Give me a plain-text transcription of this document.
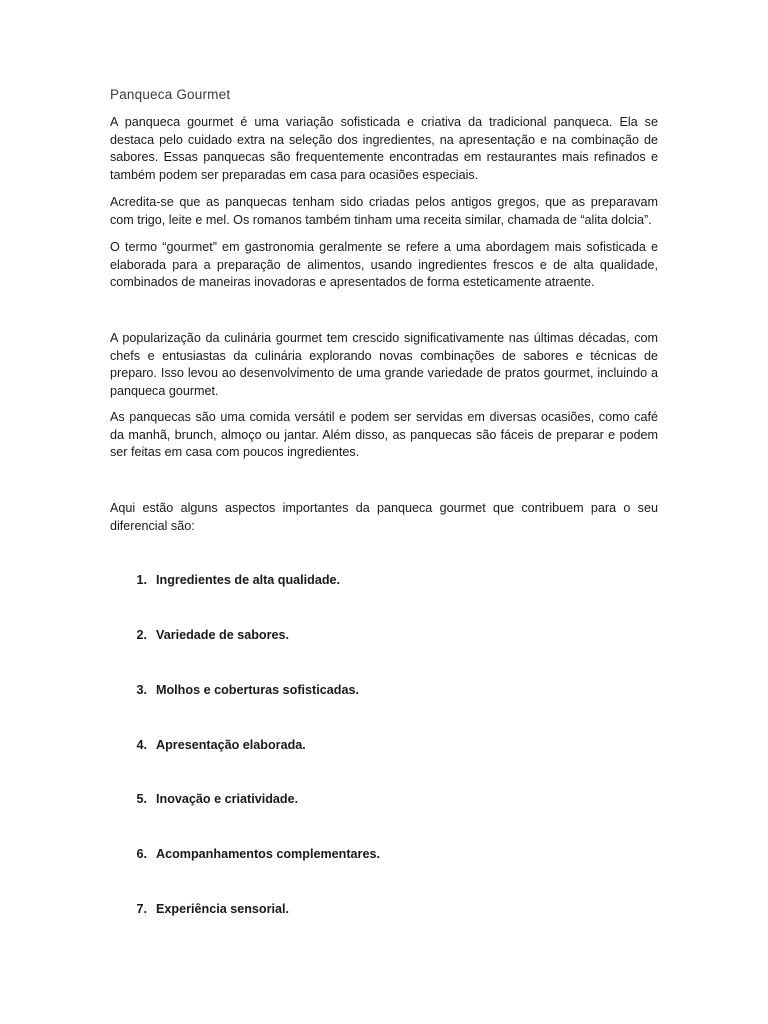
Panqueca Gourmet

A panqueca gourmet é uma variação sofisticada e criativa da tradicional panqueca. Ela se destaca pelo cuidado extra na seleção dos ingredientes, na apresentação e na combinação de sabores. Essas panquecas são frequentemente encontradas em restaurantes mais refinados e também podem ser preparadas em casa para ocasiões especiais.

Acredita-se que as panquecas tenham sido criadas pelos antigos gregos, que as preparavam com trigo, leite e mel. Os romanos também tinham uma receita similar, chamada de “alita dolcia”.

O termo “gourmet” em gastronomia geralmente se refere a uma abordagem mais sofisticada e elaborada para a preparação de alimentos, usando ingredientes frescos e de alta qualidade, combinados de maneiras inovadoras e apresentados de forma esteticamente atraente.

A popularização da culinária gourmet tem crescido significativamente nas últimas décadas, com chefs e entusiastas da culinária explorando novas combinações de sabores e técnicas de preparo. Isso levou ao desenvolvimento de uma grande variedade de pratos gourmet, incluindo a panqueca gourmet.

As panquecas são uma comida versátil e podem ser servidas em diversas ocasiões, como café da manhã, brunch, almoço ou jantar. Além disso, as panquecas são fáceis de preparar e podem ser feitas em casa com poucos ingredientes.

Aqui estão alguns aspectos importantes da panqueca gourmet que contribuem para o seu diferencial são:

1. Ingredientes de alta qualidade.
2. Variedade de sabores.
3. Molhos e coberturas sofisticadas.
4. Apresentação elaborada.
5. Inovação e criatividade.
6. Acompanhamentos complementares.
7. Experiência sensorial.
